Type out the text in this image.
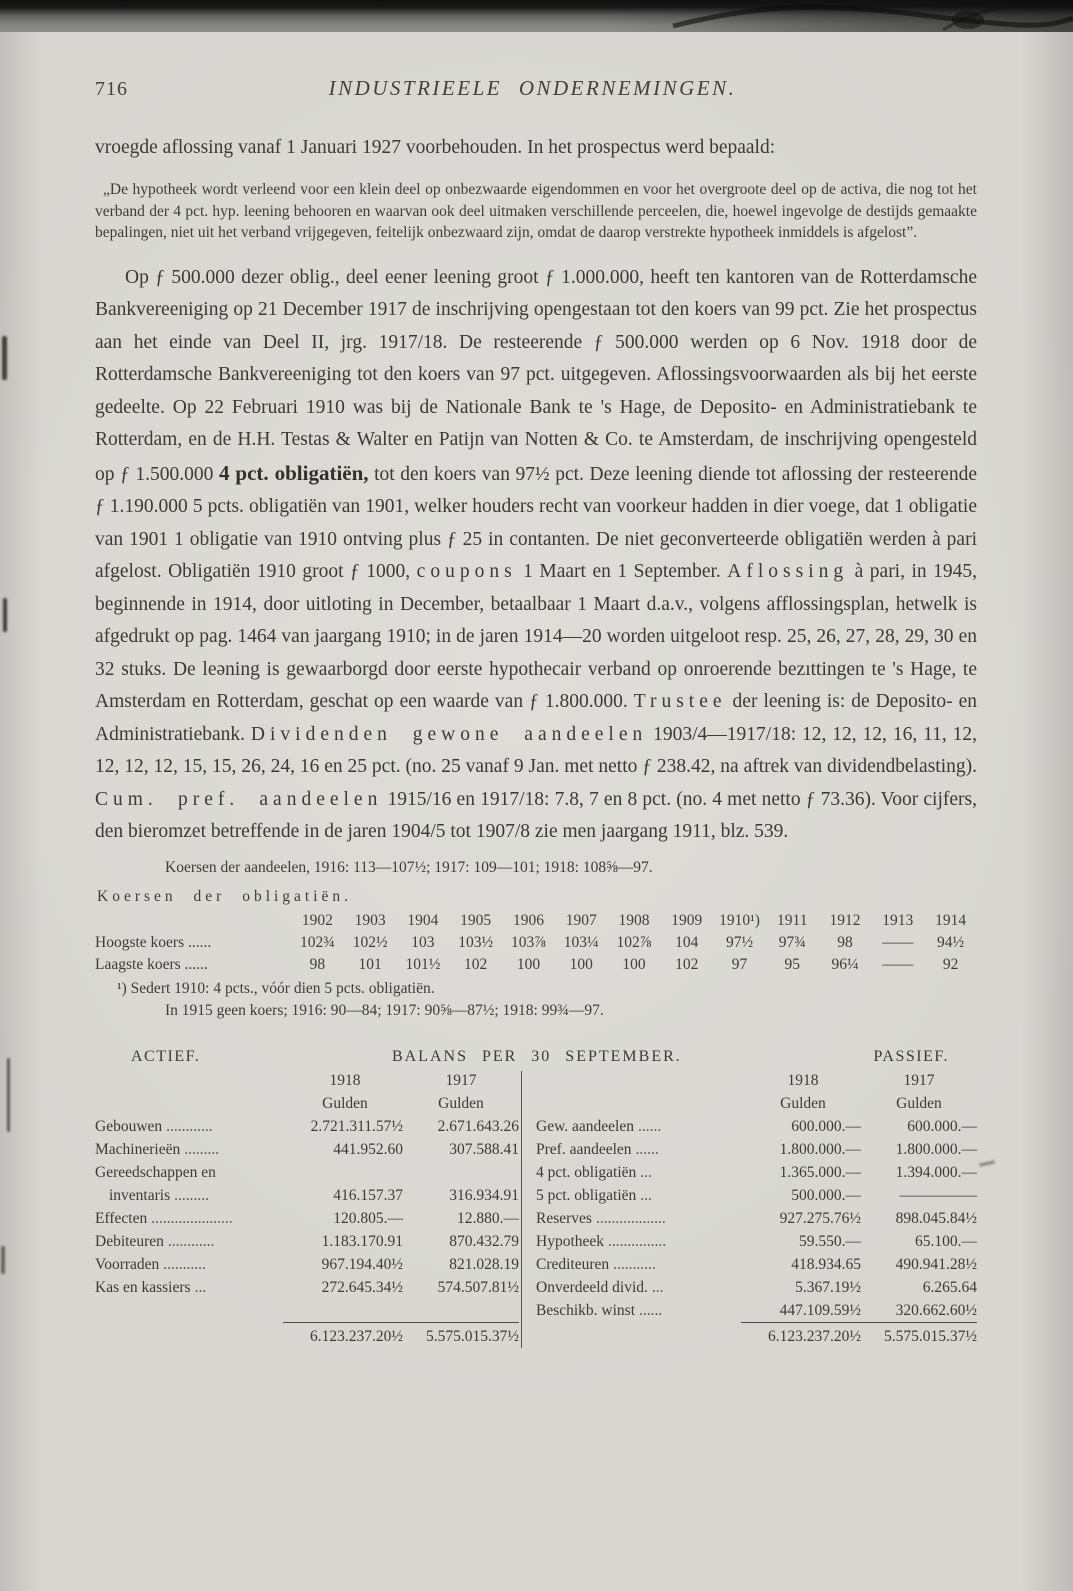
716	INDUSTRIEELE ONDERNEMINGEN.

vroegde aflossing vanaf 1 Januari 1927 voorbehouden. In het prospectus werd bepaald:

„De hypotheek wordt verleend voor een klein deel op onbezwaarde eigendommen en voor het overgroote deel op de activa, die nog tot het verband der 4 pct. hyp. leening behooren en waarvan ook deel uitmaken verschillende perceelen, die, hoewel ingevolge de destijds gemaakte bepalingen, niet uit het verband vrijgegeven, feitelijk onbezwaard zijn, omdat de daarop verstrekte hypotheek inmiddels is afgelost”.

Op ƒ 500.000 dezer oblig., deel eener leening groot ƒ 1.000.000, heeft ten kantoren van de Rotterdamsche Bankvereeniging op 21 December 1917 de inschrijving opengestaan tot den koers van 99 pct. Zie het prospectus aan het einde van Deel II, jrg. 1917/18. De resteerende ƒ 500.000 werden op 6 Nov. 1918 door de Rotterdamsche Bankvereeniging tot den koers van 97 pct. uitgegeven. Aflossingsvoorwaarden als bij het eerste gedeelte. Op 22 Februari 1910 was bij de Nationale Bank te 's Hage, de Deposito- en Administratiebank te Rotterdam, en de H.H. Testas & Walter en Patijn van Notten & Co. te Amsterdam, de inschrijving opengesteld op ƒ 1.500.000 4 pct. obligatiën, tot den koers van 97½ pct. Deze leening diende tot aflossing der resteerende ƒ 1.190.000 5 pcts. obligatiën van 1901, welker houders recht van voorkeur hadden in dier voege, dat 1 obligatie van 1901 1 obligatie van 1910 ontving plus ƒ 25 in contanten. De niet geconverteerde obligatiën werden à pari afgelost. Obligatiën 1910 groot ƒ 1000, coupons 1 Maart en 1 September. Aflossing à pari, in 1945, beginnende in 1914, door uitloting in December, betaalbaar 1 Maart d.a.v., volgens afflossingsplan, hetwelk is afgedrukt op pag. 1464 van jaargang 1910; in de jaren 1914—20 worden uitgeloot resp. 25, 26, 27, 28, 29, 30 en 32 stuks. De leəning is gewaarborgd door eerste hypothecair verband op onroerende bezıttingen te 's Hage, te Amsterdam en Rotterdam, geschat op een waarde van ƒ 1.800.000. Trustee der leening is: de Deposito- en Administratiebank. Dividenden gewone aandeelen 1903/4—1917/18: 12, 12, 12, 16, 11, 12, 12, 12, 12, 15, 15, 26, 24, 16 en 25 pct. (no. 25 vanaf 9 Jan. met netto ƒ 238.42, na aftrek van dividendbelasting). Cum. pref. aandeelen 1915/16 en 1917/18: 7.8, 7 en 8 pct. (no. 4 met netto ƒ 73.36). Voor cijfers, den bieromzet betreffende in de jaren 1904/5 tot 1907/8 zie men jaargang 1911, blz. 539.

Koersen der aandeelen, 1916: 113—107½; 1917: 109—101; 1918: 108⅝—97.

Koersen der obligatiën.

1902	1903	1904	1905	1906	1907	1908	1909	1910¹)	1911	1912	1913	1914
Hoogste koers ......	102¾	102½	103	103½	103⅞	103¼	102⅞	104	97½	97¾	98	——	94½
Laagste koers ......	98	101	101½	102	100	100	100	102	97	95	96¼	——	92

¹) Sedert 1910: 4 pcts., vóór dien 5 pcts. obligatiën.

In 1915 geen koers; 1916: 90—84; 1917: 90⅝—87½; 1918: 99¾—97.

ACTIEF.	BALANS PER 30 SEPTEMBER.	PASSIEF.
1918	1917
Gulden	Gulden
Gebouwen ............	2.721.311.57½	2.671.643.26
Machinerieën .........	441.952.60	307.588.41
Gereedschappen en
inventaris .........	416.157.37	316.934.91
Effecten .....................	120.805.—	12.880.—
Debiteuren ............	1.183.170.91	870.432.79
Voorraden ...........	967.194.40½	821.028.19
Kas en kassiers ...	272.645.34½	574.507.81½
6.123.237.20½	5.575.015.37½
1918	1917
Gulden	Gulden
Gew. aandeelen ......	600.000.—	600.000.—
Pref. aandeelen ......	1.800.000.—	1.800.000.—
4 pct. obligatiën ...	1.365.000.—	1.394.000.—
5 pct. obligatiën ...	500.000.—	—————
Reserves ..................	927.275.76½	898.045.84½
Hypotheek ...............	59.550.—	65.100.—
Crediteuren ...........	418.934.65	490.941.28½
Onverdeeld divid. ...	5.367.19½	6.265.64
Beschikb. winst ......	447.109.59½	320.662.60½
6.123.237.20½	5.575.015.37½
